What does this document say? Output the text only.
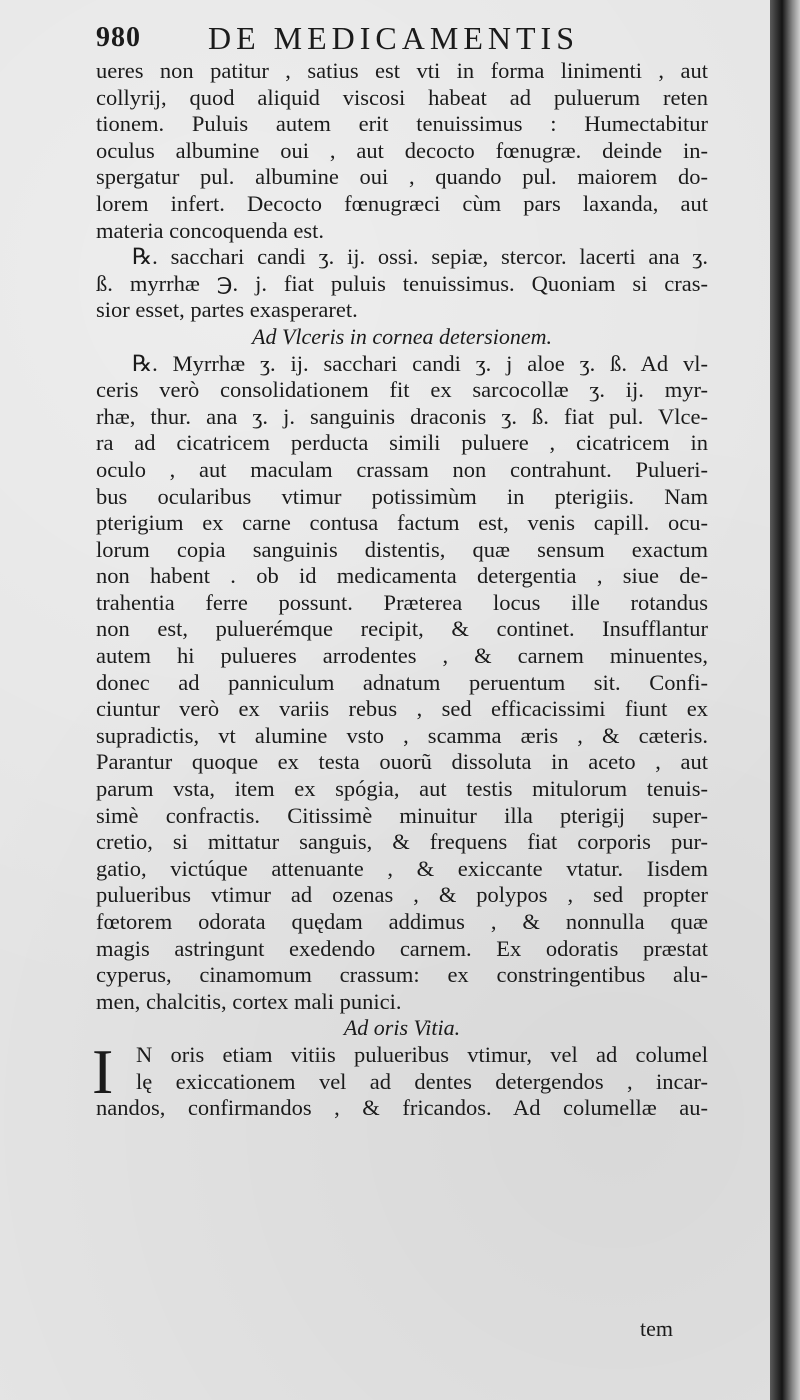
980 DE MEDICAMENTIS
ueres non patitur , satius est vti in forma linimenti , aut
collyrij, quod aliquid viscosi habeat ad puluerum reten
tionem. Puluis autem erit tenuissimus : Humectabitur
oculus albumine oui , aut decocto fœnugræ. deinde in-
spergatur pul. albumine oui , quando pul. maiorem do-
lorem infert. Decocto fœnugræci cùm pars laxanda, aut
materia concoquenda est.
℞. sacchari candi ʒ. ij. ossi. sepiæ, stercor. lacerti ana ʒ.
ß. myrrhæ ℈. j. fiat puluis tenuissimus. Quoniam si cras-
sior esset, partes exasperaret.
Ad Vlceris in cornea detersionem.
℞. Myrrhæ ʒ. ij. sacchari candi ʒ. j aloe ʒ. ß. Ad vl-
ceris verò consolidationem fit ex sarcocollæ ʒ. ij. myr-
rhæ, thur. ana ʒ. j. sanguinis draconis ʒ. ß. fiat pul. Vlce-
ra ad cicatricem perducta simili puluere , cicatricem in
oculo , aut maculam crassam non contrahunt. Pulueri-
bus ocularibus vtimur potissimùm in pterigiis. Nam
pterigium ex carne contusa factum est, venis capill. ocu-
lorum copia sanguinis distentis, quæ sensum exactum
non habent . ob id medicamenta detergentia , siue de-
trahentia ferre possunt. Præterea locus ille rotandus
non est, puluerémque recipit, & continet. Insufflantur
autem hi pulueres arrodentes , & carnem minuentes,
donec ad panniculum adnatum peruentum sit. Confi-
ciuntur verò ex variis rebus , sed efficacissimi fiunt ex
supradictis, vt alumine vsto , scamma æris , & cæteris.
Parantur quoque ex testa ouorũ dissoluta in aceto , aut
parum vsta, item ex spógia, aut testis mitulorum tenuis-
simè confractis. Citissimè minuitur illa pterigij super-
cretio, si mittatur sanguis, & frequens fiat corporis pur-
gatio, victúque attenuante , & exiccante vtatur. Iisdem
pulueribus vtimur ad ozenas , & polypos , sed propter
fœtorem odorata quędam addimus , & nonnulla quæ
magis astringunt exedendo carnem. Ex odoratis præstat
cyperus, cinamomum crassum: ex constringentibus alu-
men, chalcitis, cortex mali punici.
Ad oris Vitia.
I	N oris etiam vitiis pulueribus vtimur, vel ad columel
lę exiccationem vel ad dentes detergendos , incar-
nandos, confirmandos , & fricandos. Ad columellæ au-
tem
